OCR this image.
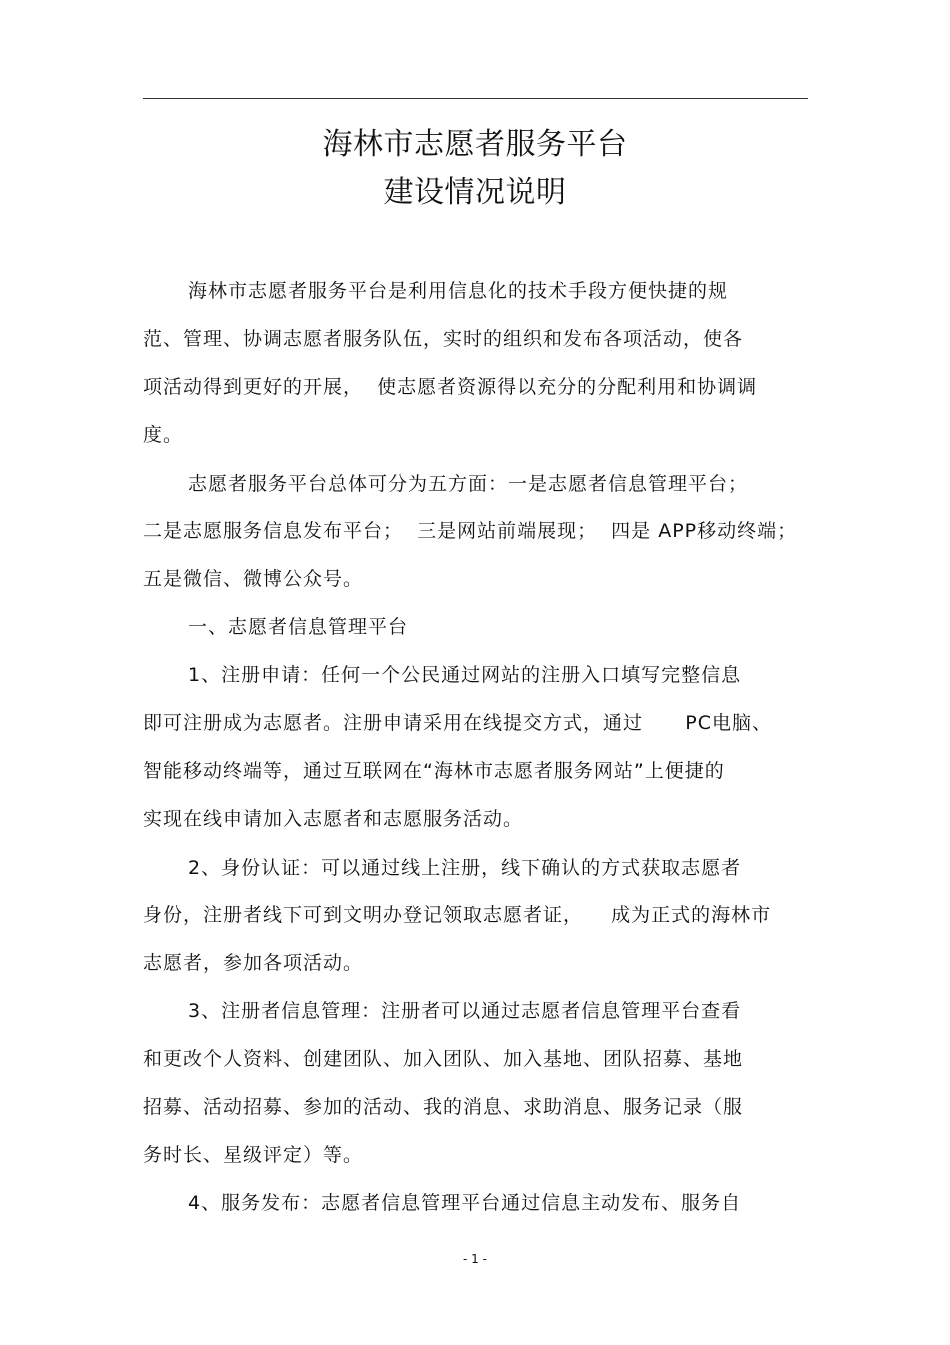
海林市志愿者服务平台
建设情况说明
海林市志愿者服务平台是利用信息化的技术手段方便快捷的规
范、管理、协调志愿者服务队伍，实时的组织和发布各项活动，使各
项活动得到更好的开展，  使志愿者资源得以充分的分配利用和协调调
度。
志愿者服务平台总体可分为五方面：一是志愿者信息管理平台；
二是志愿服务信息发布平台；  三是网站前端展现；  四是 APP移动终端；
五是微信、微博公众号。
一、志愿者信息管理平台
1、注册申请：任何一个公民通过网站的注册入口填写完整信息
即可注册成为志愿者。注册申请采用在线提交方式，通过      PC电脑、
智能移动终端等，通过互联网在“海林市志愿者服务网站”上便捷的
实现在线申请加入志愿者和志愿服务活动。
2、身份认证：可以通过线上注册，线下确认的方式获取志愿者
身份，注册者线下可到文明办登记领取志愿者证，    成为正式的海林市
志愿者，参加各项活动。
3、注册者信息管理：注册者可以通过志愿者信息管理平台查看
和更改个人资料、创建团队、加入团队、加入基地、团队招募、基地
招募、活动招募、参加的活动、我的消息、求助消息、服务记录（服
务时长、星级评定）等。
4、服务发布：志愿者信息管理平台通过信息主动发布、服务自
- 1 -
